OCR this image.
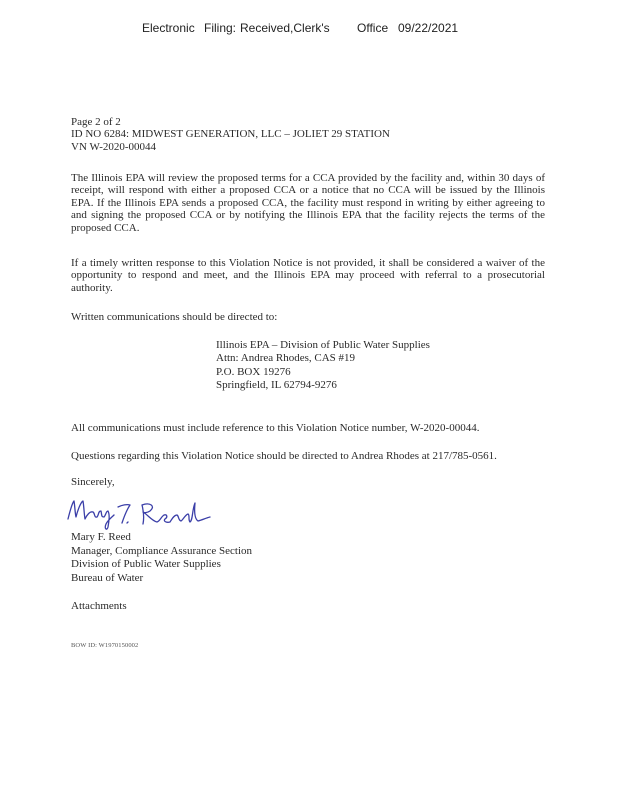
Electronic Filing: Received,Clerk's Office 09/22/2021
Page 2 of 2
ID NO 6284: MIDWEST GENERATION, LLC – JOLIET 29 STATION
VN W-2020-00044

The Illinois EPA will review the proposed terms for a CCA provided by the facility and, within 30 days of receipt, will respond with either a proposed CCA or a notice that no CCA will be issued by the Illinois EPA. If the Illinois EPA sends a proposed CCA, the facility must respond in writing by either agreeing to and signing the proposed CCA or by notifying the Illinois EPA that the facility rejects the terms of the proposed CCA.

If a timely written response to this Violation Notice is not provided, it shall be considered a waiver of the opportunity to respond and meet, and the Illinois EPA may proceed with referral to a prosecutorial authority.

Written communications should be directed to:

Illinois EPA – Division of Public Water Supplies
Attn: Andrea Rhodes, CAS #19
P.O. BOX 19276
Springfield, IL 62794-9276

All communications must include reference to this Violation Notice number, W-2020-00044.

Questions regarding this Violation Notice should be directed to Andrea Rhodes at 217/785-0561.

Sincerely,
Mary F. Reed
Manager, Compliance Assurance Section
Division of Public Water Supplies
Bureau of Water
Attachments
BOW ID: W1970150002
